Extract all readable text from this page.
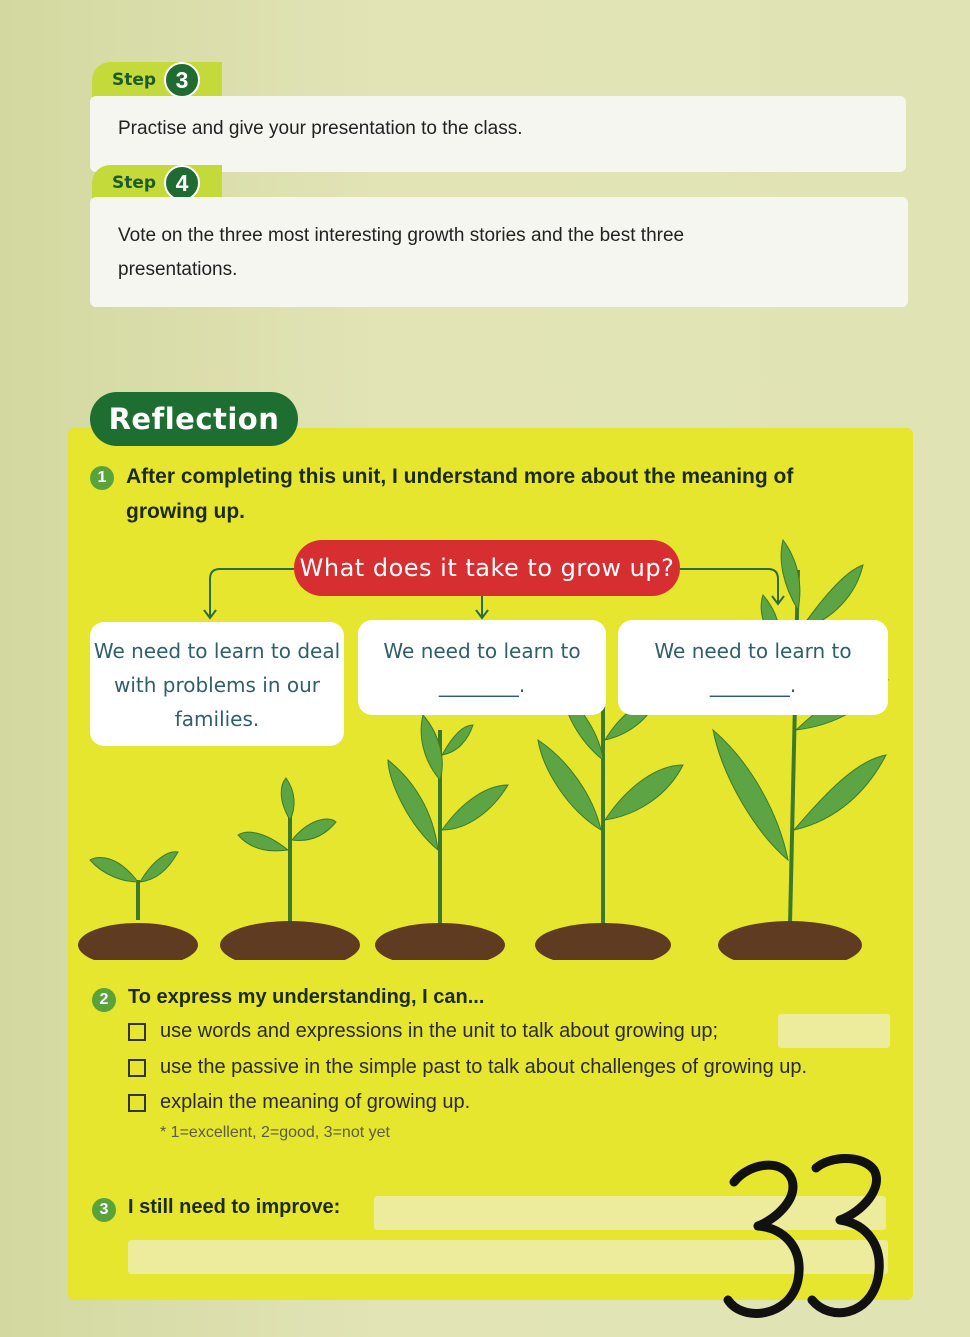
Step 3
Practise and give your presentation to the class.
Step 4
Vote on the three most interesting growth stories and the best three
presentations.
Reflection
1 After completing this unit, I understand more about the meaning of
growing up.
What does it take to grow up?
We need to learn to deal
with problems in our
families.
We need to learn to
________.
We need to learn to
________.
2 To express my understanding, I can...
use words and expressions in the unit to talk about growing up;
use the passive in the simple past to talk about challenges of growing up.
explain the meaning of growing up.
* 1=excellent, 2=good, 3=not yet
3 I still need to improve:
